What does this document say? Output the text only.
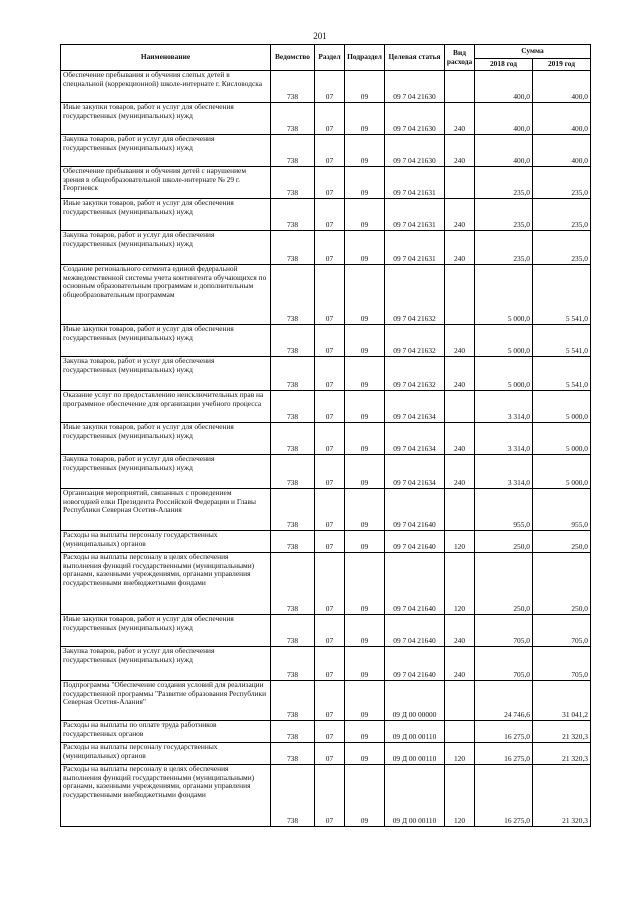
201
Наименование	Ведомство	Раздел	Подраздел	Целевая статья	Вид расхода	Сумма	
						2018 год	2019 год
Обеспечение пребывания и обучения слепых детей в специальной (коррекционной) школе-интернате г. Кисловодска	738	07	09	09 7 04 21630		400,0	400,0
Иные закупки товаров, работ и услуг для обеспечения государственных (муниципальных) нужд	738	07	09	09 7 04 21630	240	400,0	400,0
Закупка товаров, работ и услуг для обеспечения государственных (муниципальных) нужд	738	07	09	09 7 04 21630	240	400,0	400,0
Обеспечение пребывания и обучения детей с нарушением зрения в общеобразовательной школе-интернате № 29 г. Георгиевск	738	07	09	09 7 04 21631		235,0	235,0
Иные закупки товаров, работ и услуг для обеспечения государственных (муниципальных) нужд	738	07	09	09 7 04 21631	240	235,0	235,0
Закупка товаров, работ и услуг для обеспечения государственных (муниципальных) нужд	738	07	09	09 7 04 21631	240	235,0	235,0
Создание регионального сегмента единой федеральной межведомственной системы учета контингента обучающихся по основным образовательным программам и дополнительным общеобразовательным программам	738	07	09	09 7 04 21632		5 000,0	5 541,0
Иные закупки товаров, работ и услуг для обеспечения государственных (муниципальных) нужд	738	07	09	09 7 04 21632	240	5 000,0	5 541,0
Закупка товаров, работ и услуг для обеспечения государственных (муниципальных) нужд	738	07	09	09 7 04 21632	240	5 000,0	5 541,0
Оказание услуг по предоставлению неисключительных прав на программное обеспечение для организации учебного процесса	738	07	09	09 7 04 21634		3 314,0	5 000,0
Иные закупки товаров, работ и услуг для обеспечения государственных (муниципальных) нужд	738	07	09	09 7 04 21634	240	3 314,0	5 000,0
Закупка товаров, работ и услуг для обеспечения государственных (муниципальных) нужд	738	07	09	09 7 04 21634	240	3 314,0	5 000,0
Организация мероприятий, связанных с проведением новогодней елки Президента Российской Федерации и Главы Республики Северная Осетия-Алания	738	07	09	09 7 04 21640		955,0	955,0
Расходы на выплаты персоналу государственных (муниципальных) органов	738	07	09	09 7 04 21640	120	250,0	250,0
Расходы на выплаты персоналу в целях обеспечения выполнения функций государственными (муниципальными) органами, казенными учреждениями, органами управления государственными внебюджетными фондами	738	07	09	09 7 04 21640	120	250,0	250,0
Иные закупки товаров, работ и услуг для обеспечения государственных (муниципальных) нужд	738	07	09	09 7 04 21640	240	705,0	705,0
Закупка товаров, работ и услуг для обеспечения государственных (муниципальных) нужд	738	07	09	09 7 04 21640	240	705,0	705,0
Подпрограмма "Обеспечение создания условий для реализации государственной программы "Развитие образования Республики Северная Осетия-Алания"	738	07	09	09 Д 00 00000		24 746,6	31 041,2
Расходы на выплаты по оплате труда работников государственных органов	738	07	09	09 Д 00 00110		16 275,0	21 320,3
Расходы на выплаты персоналу государственных (муниципальных) органов	738	07	09	09 Д 00 00110	120	16 275,0	21 320,3
Расходы на выплаты персоналу в целях обеспечения выполнения функций государственными (муниципальными) органами, казенными учреждениями, органами управления государственными внебюджетными фондами	738	07	09	09 Д 00 00110	120	16 275,0	21 320,3
